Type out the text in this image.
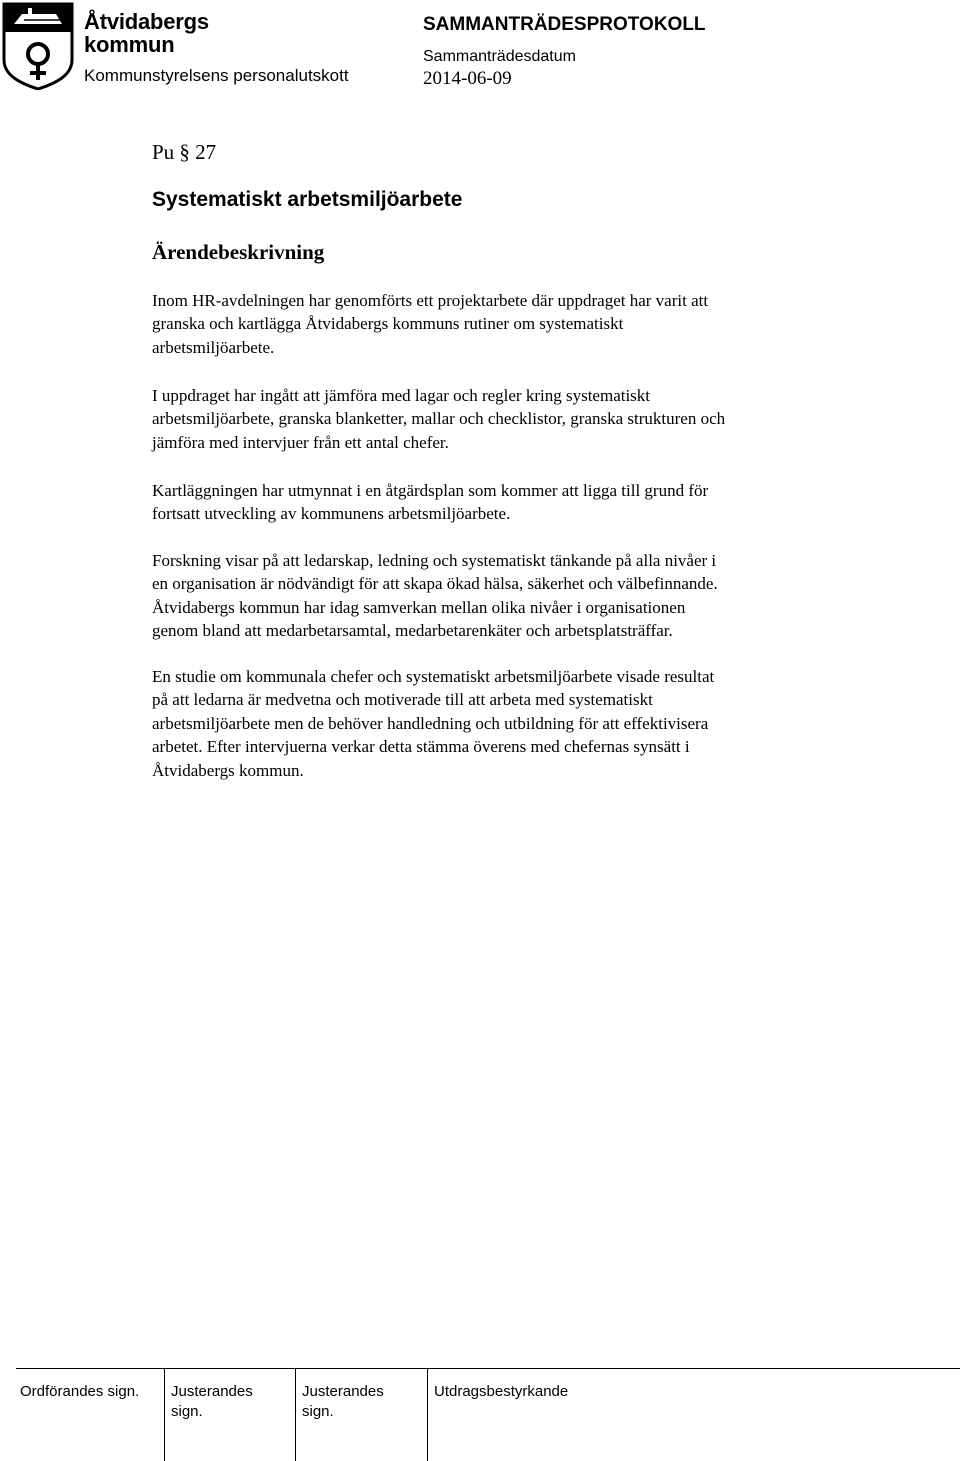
Åtvidabergs
kommun
Kommunstyrelsens personalutskott
SAMMANTRÄDESPROTOKOLL
Sammanträdesdatum
2014-06-09
Pu § 27
Systematiskt arbetsmiljöarbete
Ärendebeskrivning

Inom HR-avdelningen har genomförts ett projektarbete där uppdraget har varit att
granska och kartlägga Åtvidabergs kommuns rutiner om systematiskt
arbetsmiljöarbete.

I uppdraget har ingått att jämföra med lagar och regler kring systematiskt
arbetsmiljöarbete, granska blanketter, mallar och checklistor, granska strukturen och
jämföra med intervjuer från ett antal chefer.

Kartläggningen har utmynnat i en åtgärdsplan som kommer att ligga till grund för
fortsatt utveckling av kommunens arbetsmiljöarbete.

Forskning visar på att ledarskap, ledning och systematiskt tänkande på alla nivåer i
en organisation är nödvändigt för att skapa ökad hälsa, säkerhet och välbefinnande.
Åtvidabergs kommun har idag samverkan mellan olika nivåer i organisationen
genom bland att medarbetarsamtal, medarbetarenkäter och arbetsplatsträffar.

En studie om kommunala chefer och systematiskt arbetsmiljöarbete visade resultat
på att ledarna är medvetna och motiverade till att arbeta med systematiskt
arbetsmiljöarbete men de behöver handledning och utbildning för att effektivisera
arbetet. Efter intervjuerna verkar detta stämma överens med chefernas synsätt i
Åtvidabergs kommun.

Ordförandes sign.	Justerandes
sign.
Justerandes
sign.
Utdragsbestyrkande
